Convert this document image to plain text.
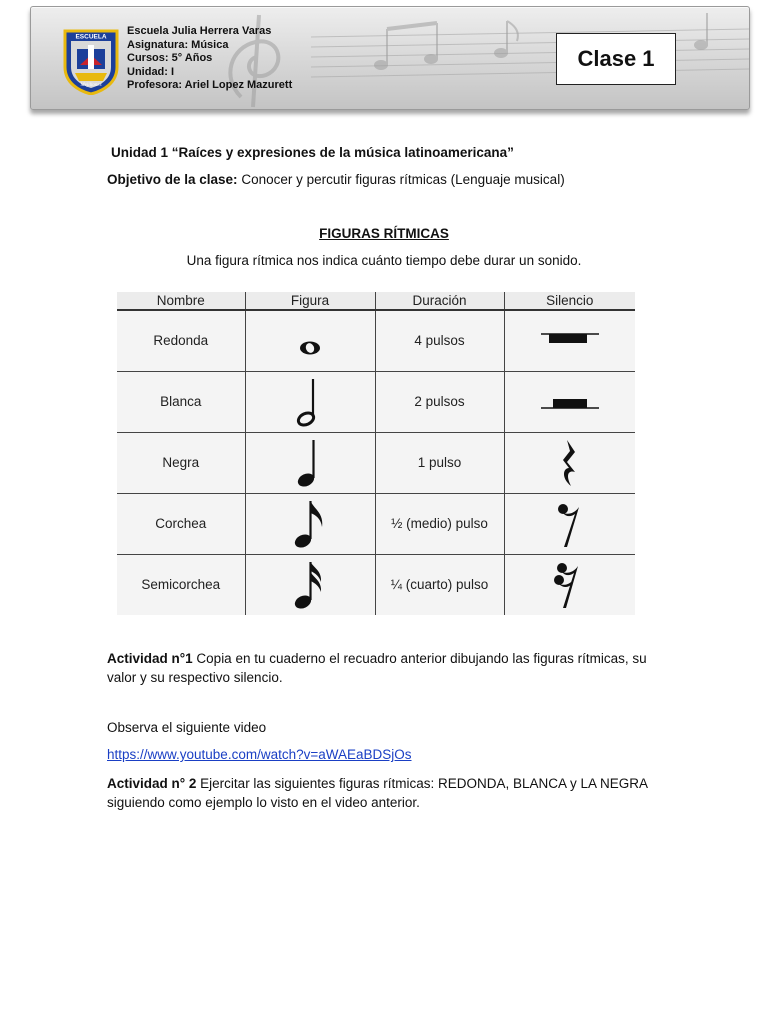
ESCUELA
Mejillones
Escuela Julia Herrera Varas
Asignatura: Música
Cursos: 5° Años
Unidad: I
Profesora: Ariel Lopez Mazurett
Clase 1
Unidad 1 “Raíces y expresiones de la música latinoamericana”
Objetivo de la clase: Conocer y percutir figuras rítmicas (Lenguaje musical)
FIGURAS RÍTMICAS
Una figura rítmica nos indica cuánto tiempo debe durar un sonido.
Nombre	Figura	Duración	Silencio
Redonda		4 pulsos	

Blanca		2 pulsos	

Negra		1 pulso	

Corchea		½ (medio) pulso	

Semicorchea		¼ (cuarto) pulso	
Actividad n°1 Copia en tu cuaderno el recuadro anterior dibujando las figuras rítmicas, su valor y su respectivo silencio.
Observa el siguiente video
https://www.youtube.com/watch?v=aWAEaBDSjOs
Actividad n° 2 Ejercitar las siguientes figuras rítmicas: REDONDA, BLANCA y LA NEGRA siguiendo como ejemplo lo visto en el video anterior.
